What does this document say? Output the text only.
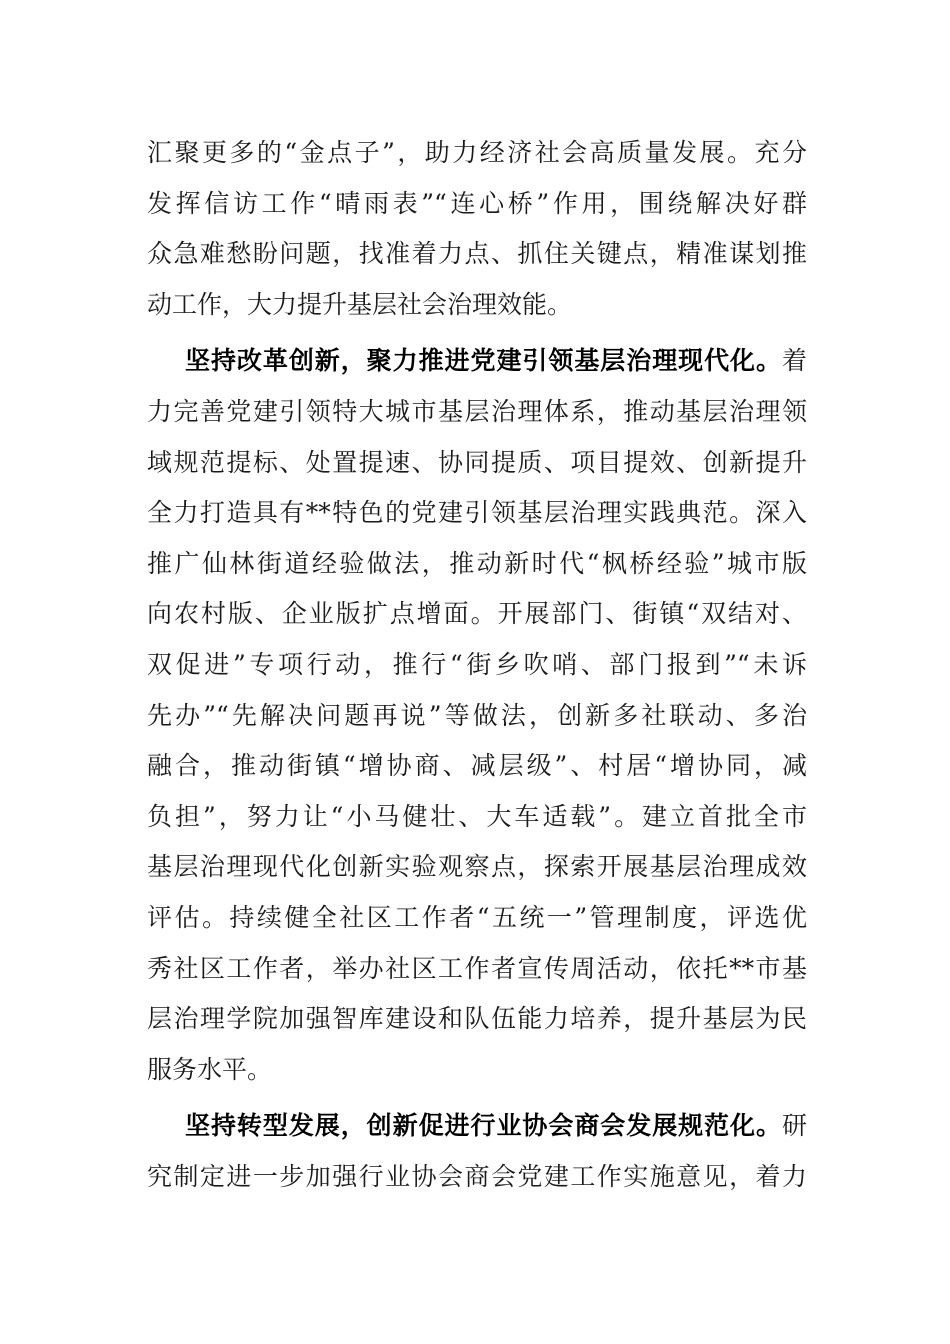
汇聚更多的“金点子”，助力经济社会高质量发展。充分
发挥信访工作“晴雨表”“连心桥”作用，围绕解决好群
众急难愁盼问题，找准着力点、抓住关键点，精准谋划推
动工作，大力提升基层社会治理效能。
坚持改革创新，聚力推进党建引领基层治理现代化。着
力完善党建引领特大城市基层治理体系，推动基层治理领
域规范提标、处置提速、协同提质、项目提效、创新提升
全力打造具有**特色的党建引领基层治理实践典范。深入
推广仙林街道经验做法，推动新时代“枫桥经验”城市版
向农村版、企业版扩点增面。开展部门、街镇“双结对、
双促进”专项行动，推行“街乡吹哨、部门报到”“未诉
先办”“先解决问题再说”等做法，创新多社联动、多治
融合，推动街镇“增协商、减层级”、村居“增协同，减
负担”，努力让“小马健壮、大车适载”。建立首批全市
基层治理现代化创新实验观察点，探索开展基层治理成效
评估。持续健全社区工作者“五统一”管理制度，评选优
秀社区工作者，举办社区工作者宣传周活动，依托**市基
层治理学院加强智库建设和队伍能力培养，提升基层为民
服务水平。
坚持转型发展，创新促进行业协会商会发展规范化。研
究制定进一步加强行业协会商会党建工作实施意见，着力
